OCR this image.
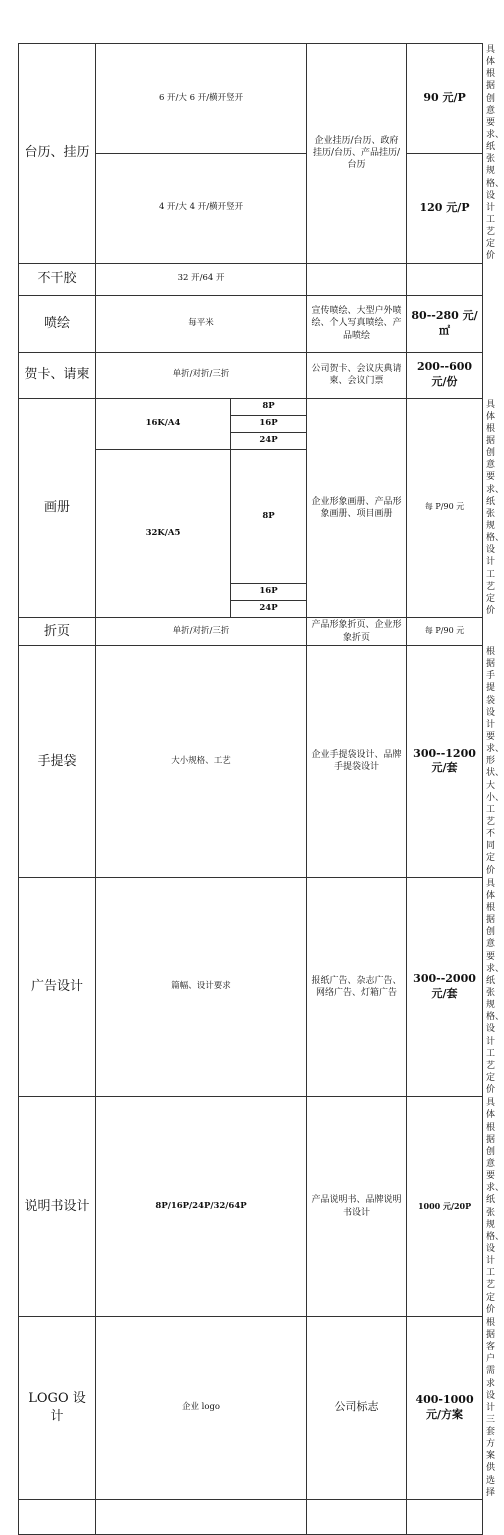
台历、挂历	6 开/大 6 开/横开竖开		企业挂历/台历、政府挂历/台历、产品挂历/台历	90 元/P	具体根据创意要求、纸张规格、设计工艺定价
	4 开/大 4 开/横开竖开			120 元/P	
不干胶	32 开/64 开				
喷绘	每平米		宣传喷绘、大型户外喷绘、个人写真喷绘、产品喷绘	80--280 元/㎡	
贺卡、请柬	单折/对折/三折		公司贺卡、会议庆典请柬、会议门票	200--600 元/份	
画册	16K/A4	8P	企业形象画册、产品形象画册、项目画册	每 P/90 元	具体根据创意要求、纸张规格、设计工艺定价
		16P			
		24P			
	32K/A5	8P			
		16P			
		24P			
折页	单折/对折/三折		产品形象折页、企业形象折页	每 P/90 元	
手提袋	大小规格、工艺		企业手提袋设计、品牌手提袋设计	300--1200 元/套	根据手提袋设计要求、形状、大小、工艺不同定价
广告设计	篇幅、设计要求		报纸广告、杂志广告、网络广告、灯箱广告	300--2000 元/套	具体根据创意要求、纸张规格、设计工艺定价
说明书设计	8P/16P/24P/32/64P		产品说明书、品牌说明书设计	1000 元/20P	具体根据创意要求、纸张规格、设计工艺定价
LOGO 设计	企业 logo		公司标志	400-1000 元/方案	根据客户需求设计三套方案供选择
